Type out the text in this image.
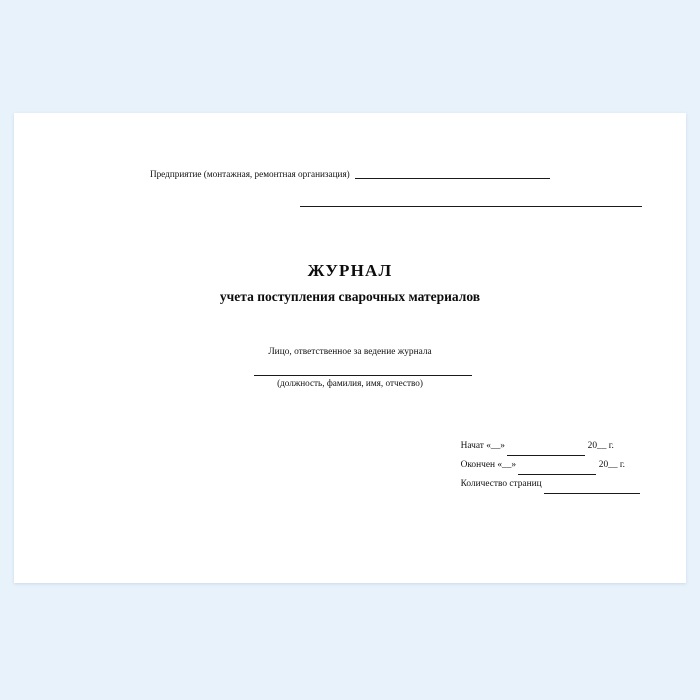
Предприятие (монтажная, ремонтная организация)
ЖУРНАЛ
учета поступления сварочных материалов
Лицо, ответственное за ведение журнала
(должность, фамилия, имя, отчество)
Начат «__»	20__ г.
Окончен «__»	20__ г.
Количество страниц
